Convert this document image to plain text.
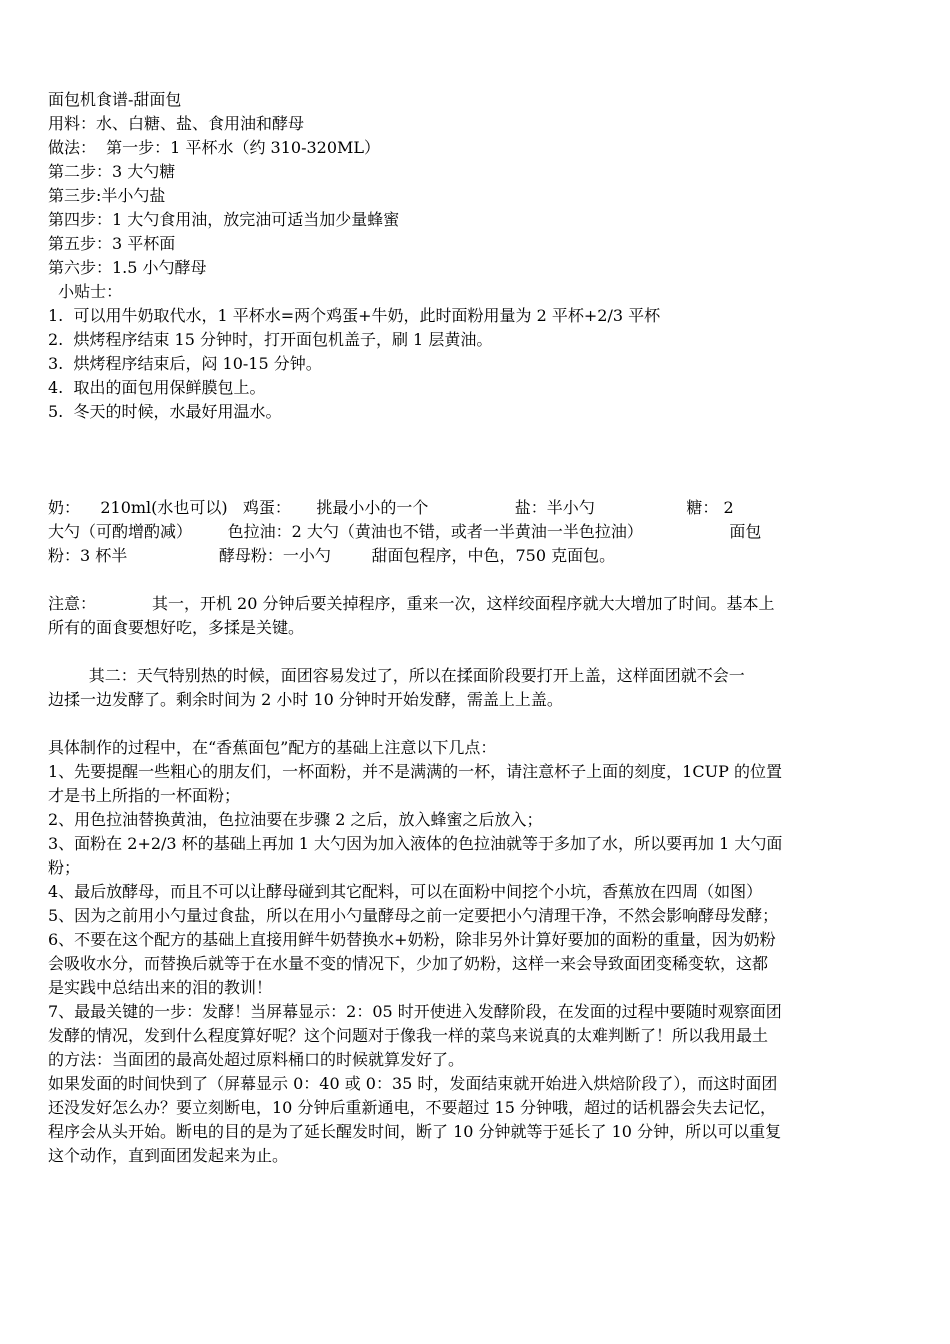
面包机食谱-甜面包
用料：水、白糖、盐、食用油和酵母
做法：  第一步：1 平杯水（约 310-320ML）
第二步：3 大勺糖
第三步:半小勺盐
第四步：1 大勺食用油，放完油可适当加少量蜂蜜
第五步：3 平杯面
第六步：1.5 小勺酵母
小贴士：
1.  可以用牛奶取代水，1 平杯水=两个鸡蛋+牛奶，此时面粉用量为 2 平杯+2/3 平杯
2.  烘烤程序结束 15 分钟时，打开面包机盖子，刷 1 层黄油。
3.  烘烤程序结束后，闷 10-15 分钟。
4.  取出的面包用保鲜膜包上。
5.  冬天的时候，水最好用温水。
奶：    210ml(水也可以)   鸡蛋：     挑最小小的一个                 盐：半小勺                  糖： 2
大勺（可酌增酌减）       色拉油：2 大勺（黄油也不错，或者一半黄油一半色拉油）                 面包
粉：3 杯半                  酵母粉：一小勺        甜面包程序，中色，750 克面包。
注意：           其一，开机 20 分钟后要关掉程序，重来一次，这样绞面程序就大大增加了时间。基本上
所有的面食要想好吃，多揉是关键。
其二：天气特别热的时候，面团容易发过了，所以在揉面阶段要打开上盖，这样面团就不会一
边揉一边发酵了。剩余时间为 2 小时 10 分钟时开始发酵，需盖上上盖。
具体制作的过程中，在“香蕉面包”配方的基础上注意以下几点：
1、先要提醒一些粗心的朋友们，一杯面粉，并不是满满的一杯，请注意杯子上面的刻度，1CUP 的位置
才是书上所指的一杯面粉；
2、用色拉油替换黄油，色拉油要在步骤 2 之后，放入蜂蜜之后放入；
3、面粉在 2+2/3 杯的基础上再加 1 大勺因为加入液体的色拉油就等于多加了水，所以要再加 1 大勺面
粉；
4、最后放酵母，而且不可以让酵母碰到其它配料，可以在面粉中间挖个小坑，香蕉放在四周（如图）
5、因为之前用小勺量过食盐，所以在用小勺量酵母之前一定要把小勺清理干净，不然会影响酵母发酵；
6、不要在这个配方的基础上直接用鲜牛奶替换水+奶粉，除非另外计算好要加的面粉的重量，因为奶粉
会吸收水分，而替换后就等于在水量不变的情况下，少加了奶粉，这样一来会导致面团变稀变软，这都
是实践中总结出来的泪的教训！
7、最最关键的一步：发酵！当屏幕显示：2：05 时开使进入发酵阶段，在发面的过程中要随时观察面团
发酵的情况，发到什么程度算好呢？这个问题对于像我一样的菜鸟来说真的太难判断了！所以我用最土
的方法：当面团的最高处超过原料桶口的时候就算发好了。
如果发面的时间快到了（屏幕显示 0：40 或 0：35 时，发面结束就开始进入烘焙阶段了），而这时面团
还没发好怎么办？要立刻断电，10 分钟后重新通电，不要超过 15 分钟哦，超过的话机器会失去记忆，
程序会从头开始。断电的目的是为了延长醒发时间，断了 10 分钟就等于延长了 10 分钟，所以可以重复
这个动作，直到面团发起来为止。
